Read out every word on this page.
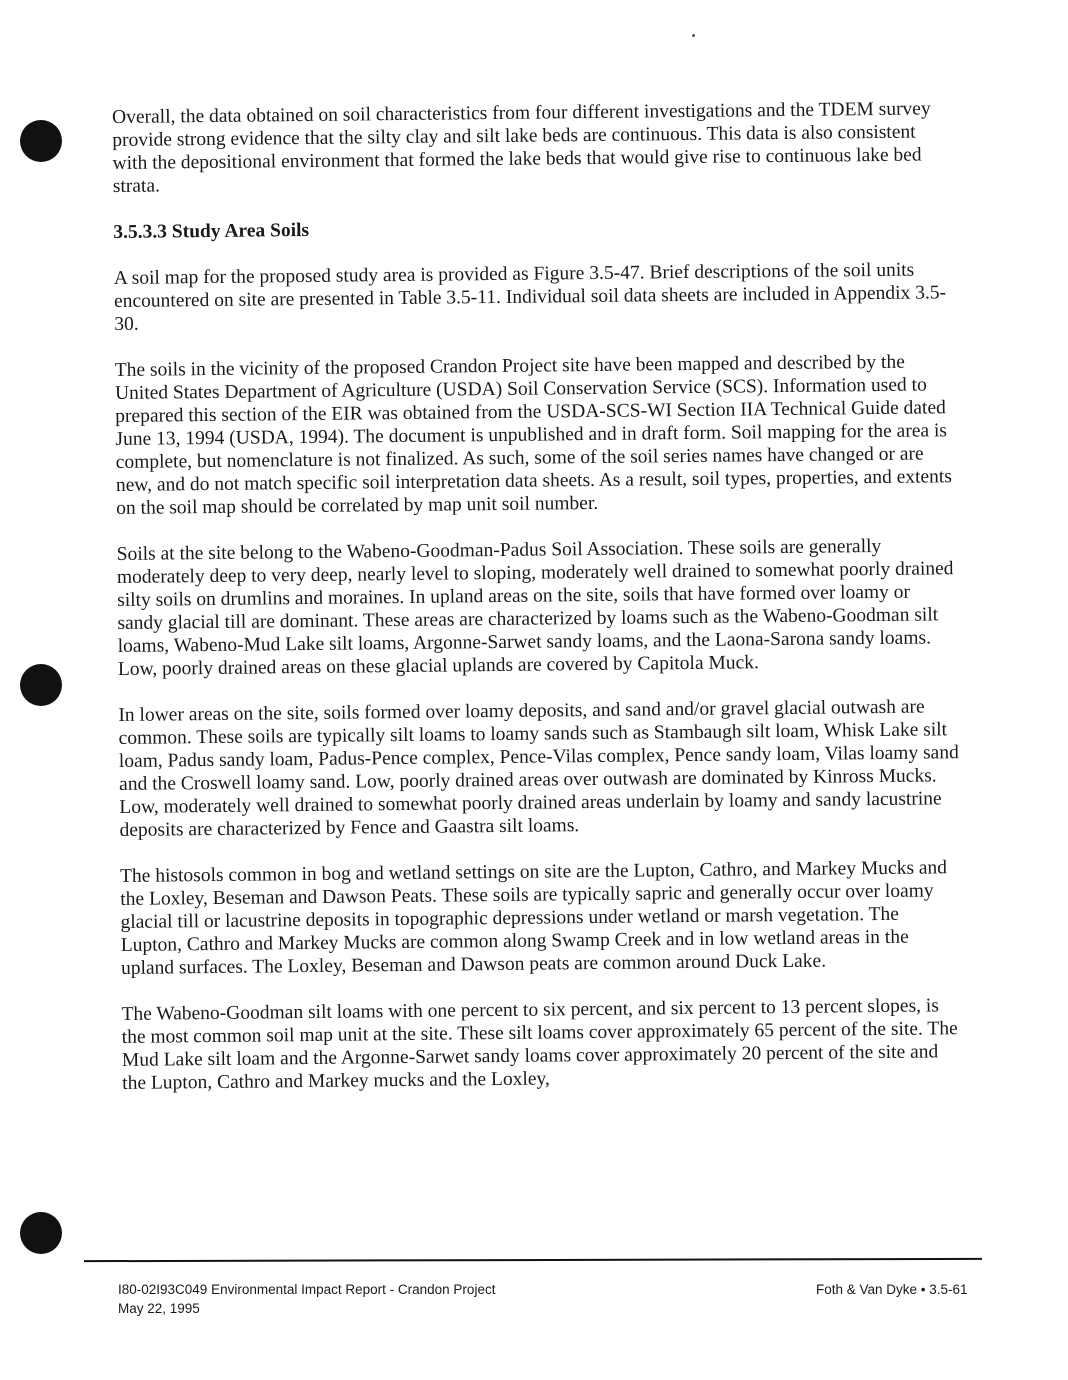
Overall, the data obtained on soil characteristics from four different investigations and the TDEM survey provide strong evidence that the silty clay and silt lake beds are continuous. This data is also consistent with the depositional environment that formed the lake beds that would give rise to continuous lake bed strata.

3.5.3.3 Study Area Soils

A soil map for the proposed study area is provided as Figure 3.5-47. Brief descriptions of the soil units encountered on site are presented in Table 3.5-11. Individual soil data sheets are included in Appendix 3.5-30.

The soils in the vicinity of the proposed Crandon Project site have been mapped and described by the United States Department of Agriculture (USDA) Soil Conservation Service (SCS). Information used to prepared this section of the EIR was obtained from the USDA-SCS-WI Section IIA Technical Guide dated June 13, 1994 (USDA, 1994). The document is unpublished and in draft form. Soil mapping for the area is complete, but nomenclature is not finalized. As such, some of the soil series names have changed or are new, and do not match specific soil interpretation data sheets. As a result, soil types, properties, and extents on the soil map should be correlated by map unit soil number.

Soils at the site belong to the Wabeno-Goodman-Padus Soil Association. These soils are generally moderately deep to very deep, nearly level to sloping, moderately well drained to somewhat poorly drained silty soils on drumlins and moraines. In upland areas on the site, soils that have formed over loamy or sandy glacial till are dominant. These areas are characterized by loams such as the Wabeno-Goodman silt loams, Wabeno-Mud Lake silt loams, Argonne-Sarwet sandy loams, and the Laona-Sarona sandy loams. Low, poorly drained areas on these glacial uplands are covered by Capitola Muck.

In lower areas on the site, soils formed over loamy deposits, and sand and/or gravel glacial outwash are common. These soils are typically silt loams to loamy sands such as Stambaugh silt loam, Whisk Lake silt loam, Padus sandy loam, Padus-Pence complex, Pence-Vilas complex, Pence sandy loam, Vilas loamy sand and the Croswell loamy sand. Low, poorly drained areas over outwash are dominated by Kinross Mucks. Low, moderately well drained to somewhat poorly drained areas underlain by loamy and sandy lacustrine deposits are characterized by Fence and Gaastra silt loams.

The histosols common in bog and wetland settings on site are the Lupton, Cathro, and Markey Mucks and the Loxley, Beseman and Dawson Peats. These soils are typically sapric and generally occur over loamy glacial till or lacustrine deposits in topographic depressions under wetland or marsh vegetation. The Lupton, Cathro and Markey Mucks are common along Swamp Creek and in low wetland areas in the upland surfaces. The Loxley, Beseman and Dawson peats are common around Duck Lake.

The Wabeno-Goodman silt loams with one percent to six percent, and six percent to 13 percent slopes, is the most common soil map unit at the site. These silt loams cover approximately 65 percent of the site. The Mud Lake silt loam and the Argonne-Sarwet sandy loams cover approximately 20 percent of the site and the Lupton, Cathro and Markey mucks and the Loxley,

I80-02I93C049 Environmental Impact Report - Crandon Project
May 22, 1995
Foth & Van Dyke • 3.5-61
